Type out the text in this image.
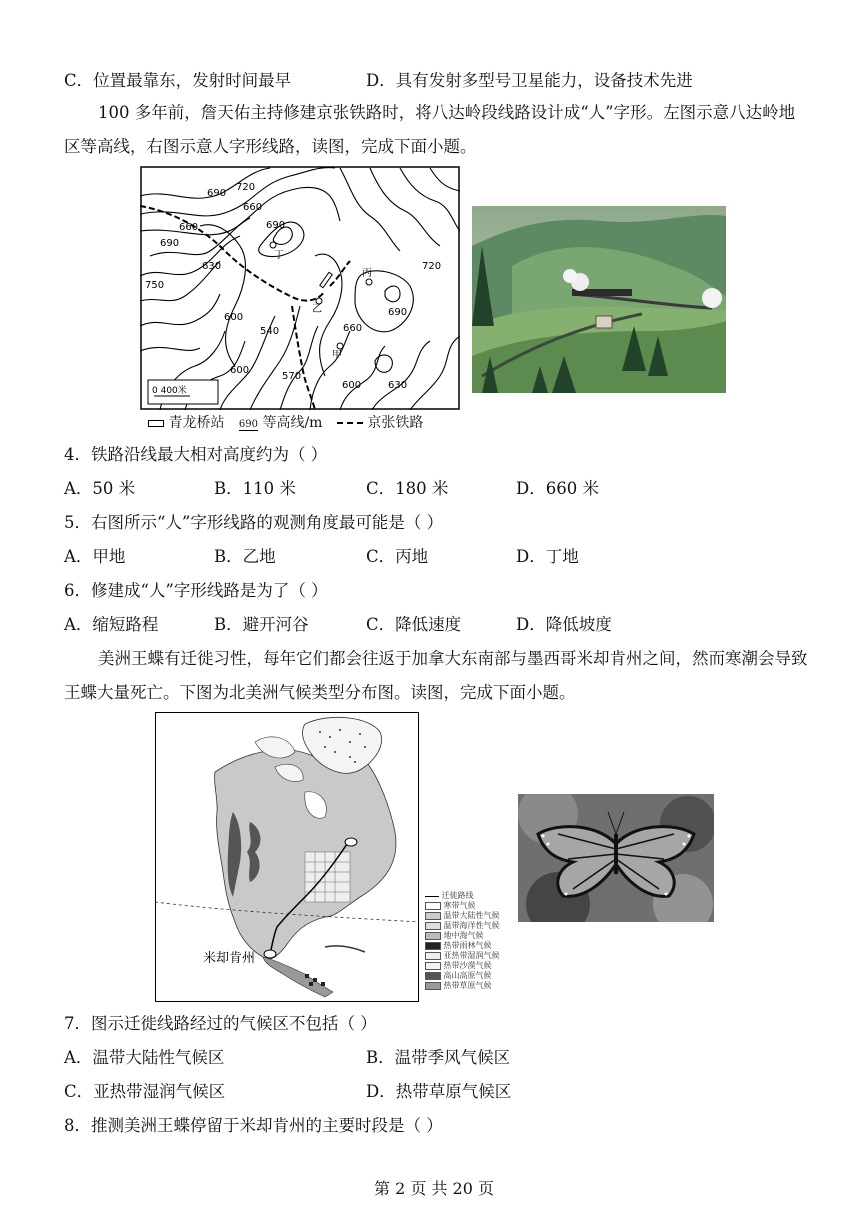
C．位置最靠东，发射时间最早	D．具有发射多型号卫星能力，设备技术先进
100 多年前，詹天佑主持修建京张铁路时，将八达岭段线路设计成“人”字形。左图示意八达岭地区等高线，右图示意人字形线路，读图，完成下面小题。
720
690
660
690
660
690
630
750
720
600
540
690
660
600
570
600	630
丁
丙
乙
甲
0 400米
青龙桥站 690 等高线/m	京张铁路
4．铁路沿线最大相对高度约为（ ）
A．50 米	B．110 米	C．180 米	D．660 米
5．右图所示“人”字形线路的观测角度最可能是（ ）
A．甲地	B．乙地	C．丙地	D．丁地
6．修建成“人”字形线路是为了（ ）
A．缩短路程	B．避开河谷	C．降低速度	D．降低坡度
美洲王蝶有迁徙习性，每年它们都会往返于加拿大东南部与墨西哥米却肯州之间，然而寒潮会导致王蝶大量死亡。下图为北美洲气候类型分布图。读图，完成下面小题。
米却肯州
迁徙路线
寒带气候
温带大陆性气候
温带海洋性气候
地中海气候
热带雨林气候
亚热带湿润气候
热带沙漠气候
高山高原气候
热带草原气候
7．图示迁徙线路经过的气候区不包括（ ）
A．温带大陆性气候区	B．温带季风气候区
C．亚热带湿润气候区	D．热带草原气候区
8．推测美洲王蝶停留于米却肯州的主要时段是（ ）
第 2 页 共 20 页
